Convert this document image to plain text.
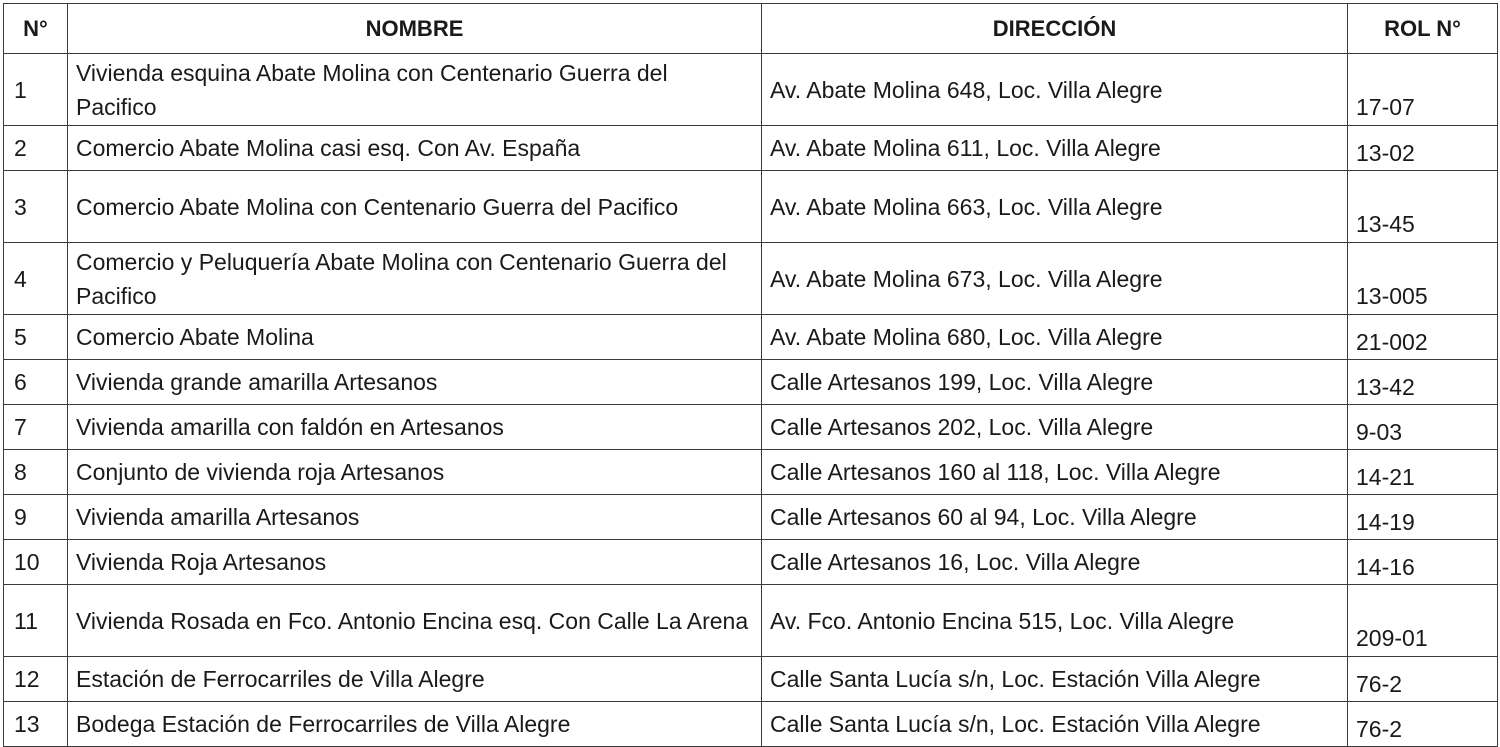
N°	NOMBRE	DIRECCIÓN	ROL N°
1	Vivienda esquina Abate Molina con Centenario Guerra del Pacifico	Av. Abate Molina 648, Loc. Villa Alegre	17-07
2	Comercio Abate Molina casi esq. Con Av. España	Av. Abate Molina 611, Loc. Villa Alegre	13-02
3	Comercio Abate Molina con Centenario Guerra del Pacifico	Av. Abate Molina 663, Loc. Villa Alegre	13-45
4	Comercio y Peluquería Abate Molina con Centenario Guerra del Pacifico	Av. Abate Molina 673, Loc. Villa Alegre	13-005
5	Comercio Abate Molina	Av. Abate Molina 680, Loc. Villa Alegre	21-002
6	Vivienda grande amarilla Artesanos	Calle Artesanos 199, Loc. Villa Alegre	13-42
7	Vivienda amarilla con faldón en Artesanos	Calle Artesanos 202, Loc. Villa Alegre	9-03
8	Conjunto de vivienda roja Artesanos	Calle Artesanos 160 al 118, Loc. Villa Alegre	14-21
9	Vivienda amarilla Artesanos	Calle Artesanos 60 al 94, Loc. Villa Alegre	14-19
10	Vivienda Roja Artesanos	Calle Artesanos 16, Loc. Villa Alegre	14-16
11	Vivienda Rosada en Fco. Antonio Encina esq. Con Calle La Arena	Av. Fco. Antonio Encina 515, Loc. Villa Alegre	209-01
12	Estación de Ferrocarriles de Villa Alegre	Calle Santa Lucía s/n, Loc. Estación Villa Alegre	76-2
13	Bodega Estación de Ferrocarriles de Villa Alegre	Calle Santa Lucía s/n, Loc. Estación Villa Alegre	76-2
